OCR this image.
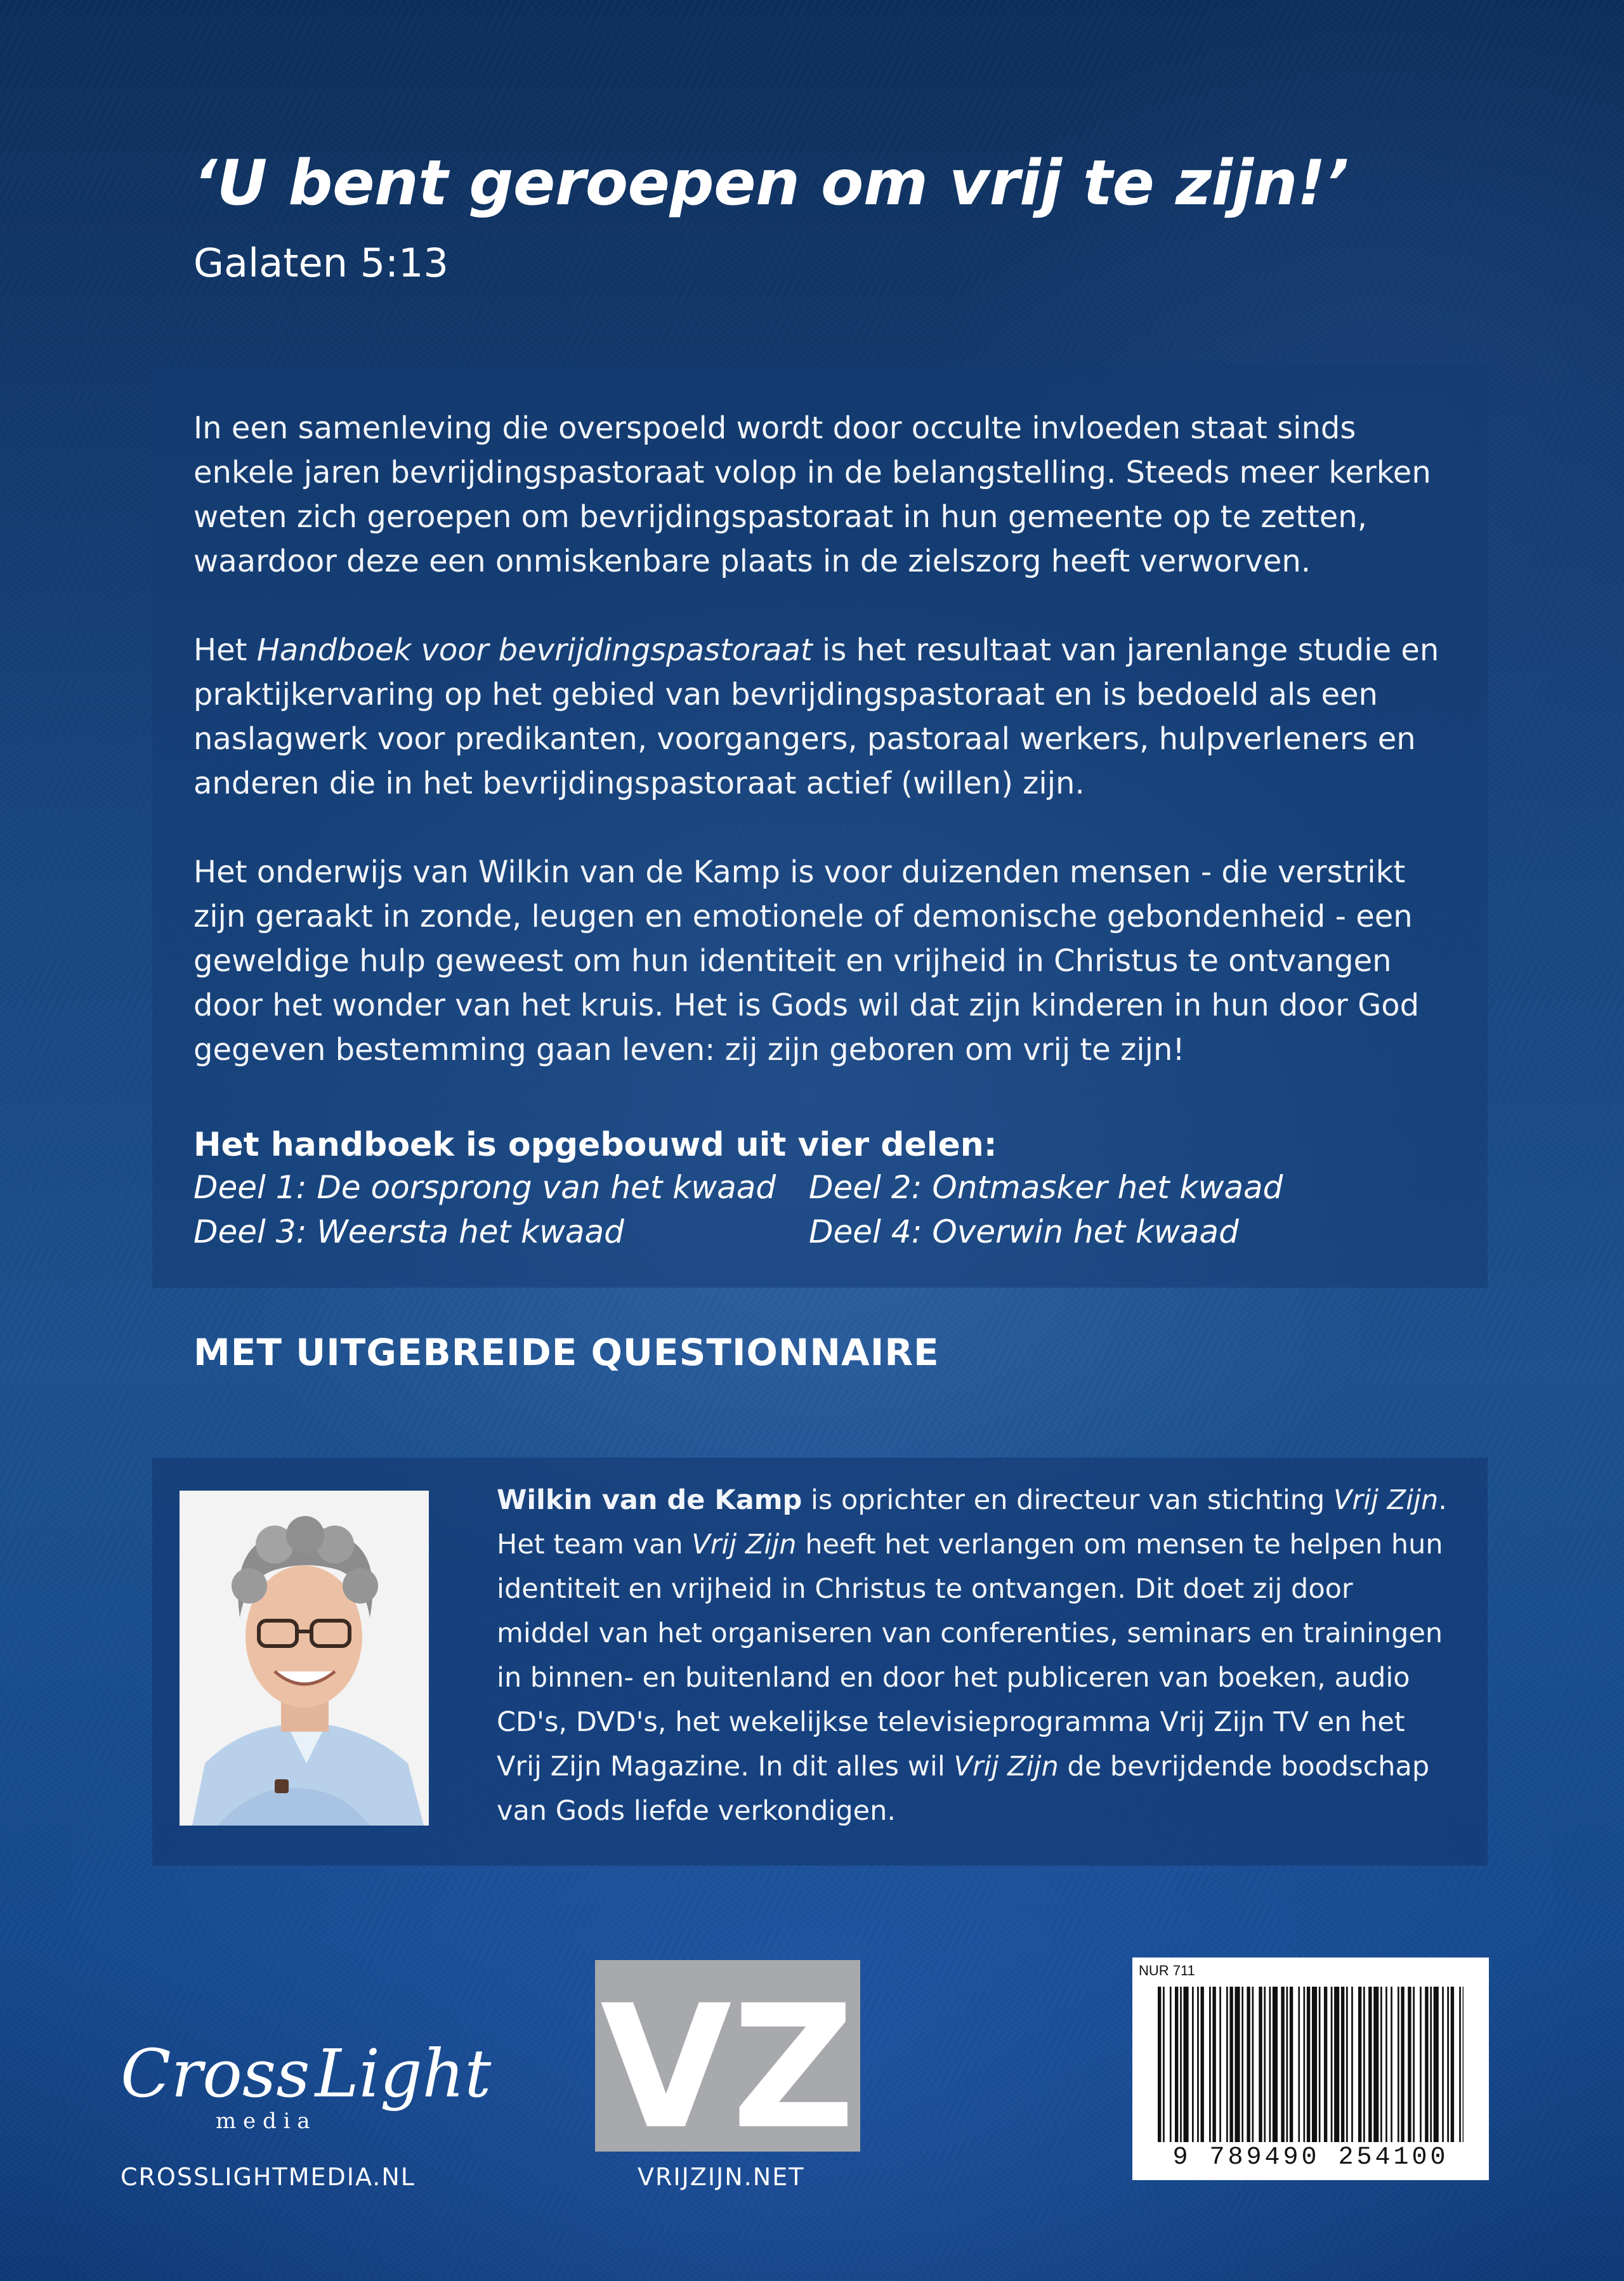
‘U bent geroepen om vrij te zijn!’
Galaten 5:13

In een samenleving die overspoeld wordt door occulte invloeden staat sinds enkele jaren bevrijdingspastoraat volop in de belangstelling. Steeds meer kerken weten zich geroepen om bevrijdingspastoraat in hun gemeente op te zetten, waardoor deze een onmiskenbare plaats in de zielszorg heeft verworven.

Het Handboek voor bevrijdingspastoraat is het resultaat van jarenlange studie en praktijkervaring op het gebied van bevrijdingspastoraat en is bedoeld als een naslagwerk voor predikanten, voorgangers, pastoraal werkers, hulpverleners en anderen die in het bevrijdingspastoraat actief (willen) zijn.

Het onderwijs van Wilkin van de Kamp is voor duizenden mensen - die verstrikt zijn geraakt in zonde, leugen en emotionele of demonische gebondenheid - een geweldige hulp geweest om hun identiteit en vrijheid in Christus te ontvangen door het wonder van het kruis. Het is Gods wil dat zijn kinderen in hun door God gegeven bestemming gaan leven: zij zijn geboren om vrij te zijn!

Het handboek is opgebouwd uit vier delen:
Deel 1: De oorsprong van het kwaad Deel 2: Ontmasker het kwaad
Deel 3: Weersta het kwaad	Deel 4: Overwin het kwaad
MET UITGEBREIDE QUESTIONNAIRE
Wilkin van de Kamp is oprichter en directeur van stichting Vrij Zijn. Het team van Vrij Zijn heeft het verlangen om mensen te helpen hun identiteit en vrijheid in Christus te ontvangen. Dit doet zij door middel van het organiseren van conferenties, seminars en trainingen in binnen- en buitenland en door het publiceren van boeken, audio CD's, DVD's, het wekelijkse televisieprogramma Vrij Zijn TV en het Vrij Zijn Magazine. In dit alles wil Vrij Zijn de bevrijdende boodschap van Gods liefde verkondigen.
CrossLight
m e d i a
CROSSLIGHTMEDIA.NL
VZ
VRIJZIJN.NET
NUR 711
9 789490 254100
